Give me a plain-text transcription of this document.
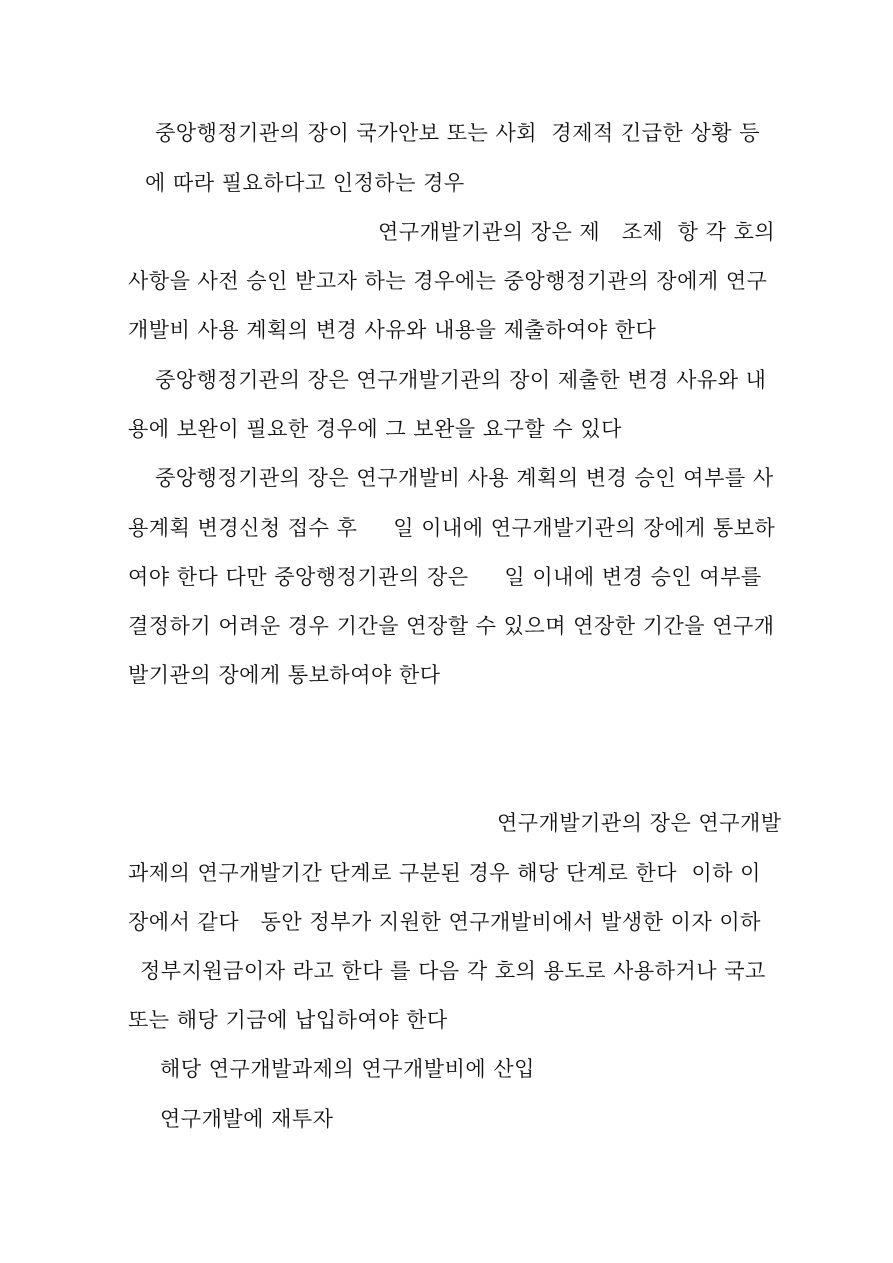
중앙행정기관의 장이 국가안보 또는 사회  경제적 긴급한 상황 등

에 따라 필요하다고 인정하는 경우

연구개발기관의 장은 제   조제  항 각 호의

사항을 사전 승인 받고자 하는 경우에는 중앙행정기관의 장에게 연구

개발비 사용 계획의 변경 사유와 내용을 제출하여야 한다

중앙행정기관의 장은 연구개발기관의 장이 제출한 변경 사유와 내

용에 보완이 필요한 경우에 그 보완을 요구할 수 있다

중앙행정기관의 장은 연구개발비 사용 계획의 변경 승인 여부를 사

용계획 변경신청 접수 후     일 이내에 연구개발기관의 장에게 통보하

여야 한다 다만 중앙행정기관의 장은     일 이내에 변경 승인 여부를

결정하기 어려운 경우 기간을 연장할 수 있으며 연장한 기간을 연구개

발기관의 장에게 통보하여야 한다

연구개발기관의 장은 연구개발

과제의 연구개발기간 단계로 구분된 경우 해당 단계로 한다  이하 이

장에서 같다   동안 정부가 지원한 연구개발비에서 발생한 이자 이하

정부지원금이자 라고 한다 를 다음 각 호의 용도로 사용하거나 국고

또는 해당 기금에 납입하여야 한다

해당 연구개발과제의 연구개발비에 산입

연구개발에 재투자
